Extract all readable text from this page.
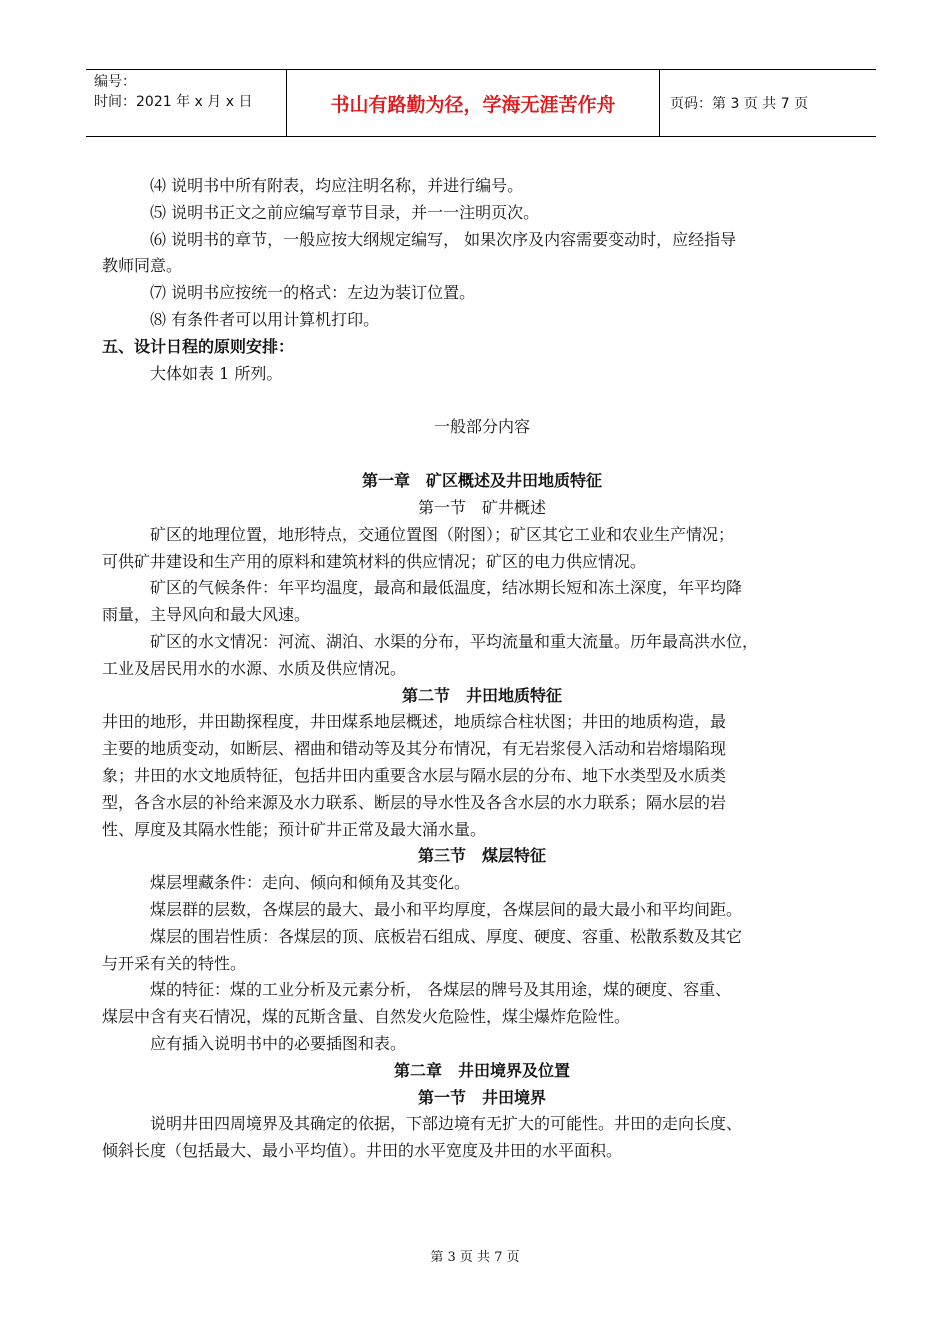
编号：
时间：2021 年 x 月 x 日	书山有路勤为径，学海无涯苦作舟	页码：第 3 页 共 7 页

⑷ 说明书中所有附表，均应注明名称，并进行编号。

⑸ 说明书正文之前应编写章节目录，并一一注明页次。

⑹ 说明书的章节，一般应按大纲规定编写， 如果次序及内容需要变动时，应经指导

教师同意。

⑺ 说明书应按统一的格式：左边为装订位置。

⑻ 有条件者可以用计算机打印。

五、设计日程的原则安排：

大体如表 1 所列。

一般部分内容

第一章　矿区概述及井田地质特征

第一节　矿井概述

矿区的地理位置，地形特点，交通位置图（附图）；矿区其它工业和农业生产情况；

可供矿井建设和生产用的原料和建筑材料的供应情况；矿区的电力供应情况。

矿区的气候条件：年平均温度，最高和最低温度，结冰期长短和冻土深度，年平均降

雨量，主导风向和最大风速。

矿区的水文情况：河流、湖泊、水渠的分布，平均流量和重大流量。历年最高洪水位，

工业及居民用水的水源、水质及供应情况。

第二节　井田地质特征

井田的地形，井田勘探程度，井田煤系地层概述，地质综合柱状图；井田的地质构造，最

主要的地质变动，如断层、褶曲和错动等及其分布情况，有无岩浆侵入活动和岩熔塌陷现

象；井田的水文地质特征，包括井田内重要含水层与隔水层的分布、地下水类型及水质类

型，各含水层的补给来源及水力联系、断层的导水性及各含水层的水力联系；隔水层的岩

性、厚度及其隔水性能；预计矿井正常及最大涌水量。

第三节　煤层特征

煤层埋藏条件：走向、倾向和倾角及其变化。

煤层群的层数，各煤层的最大、最小和平均厚度，各煤层间的最大最小和平均间距。

煤层的围岩性质：各煤层的顶、底板岩石组成、厚度、硬度、容重、松散系数及其它

与开采有关的特性。

煤的特征：煤的工业分析及元素分析， 各煤层的牌号及其用途，煤的硬度、容重、

煤层中含有夹石情况，煤的瓦斯含量、自然发火危险性，煤尘爆炸危险性。

应有插入说明书中的必要插图和表。

第二章　井田境界及位置

第一节　井田境界

说明井田四周境界及其确定的依据，下部边境有无扩大的可能性。井田的走向长度、

倾斜长度（包括最大、最小平均值）。井田的水平宽度及井田的水平面积。

第 3 页 共 7 页
